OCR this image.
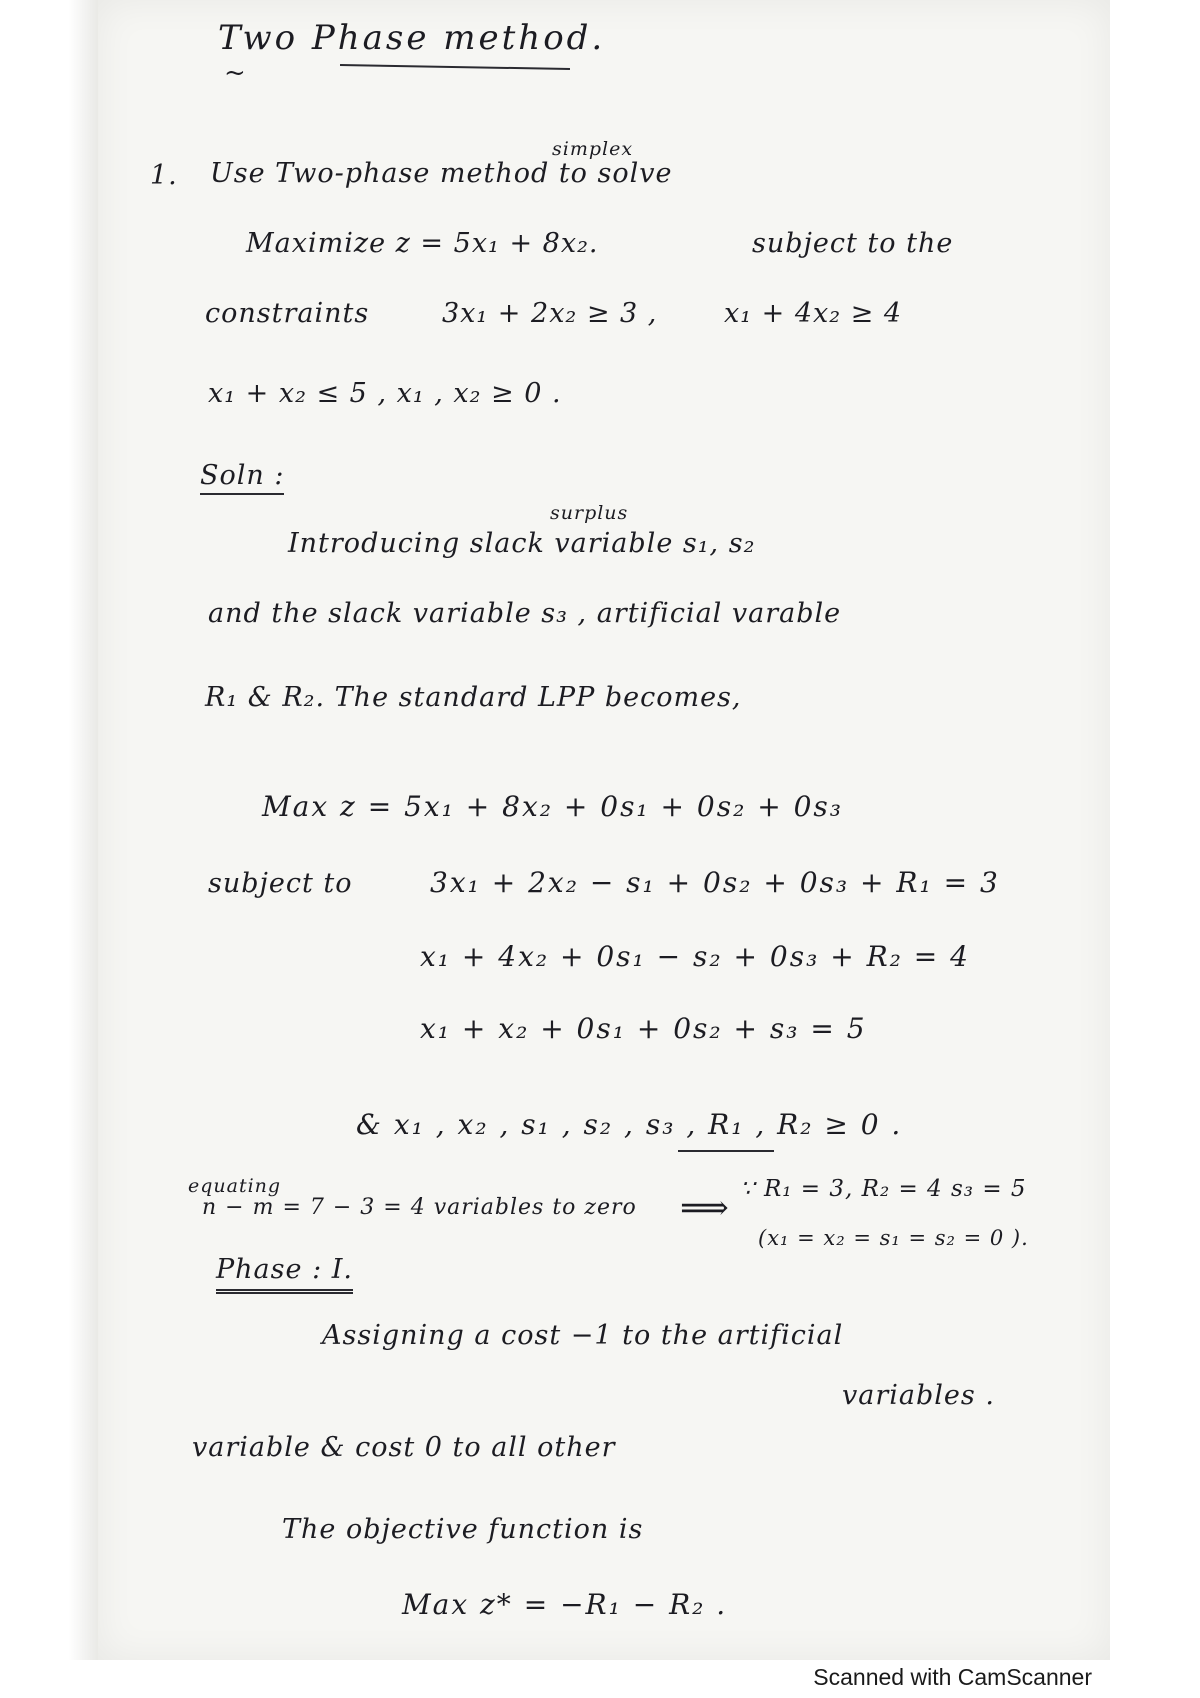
Two Phase method.
~
simplex
1. Use Two-phase method to solve
Maximize z = 5x₁ + 8x₂.	subject to the
constraints	3x₁ + 2x₂ ≥ 3 , x₁ + 4x₂ ≥ 4
x₁ + x₂ ≤ 5 , x₁ , x₂ ≥ 0 .
Soln :
surplus
Introducing slack variable s₁, s₂
and the slack variable s₃ , artificial varable
R₁ & R₂. The standard LPP becomes,
Max z = 5x₁ + 8x₂ + 0s₁ + 0s₂ + 0s₃
subject to	3x₁ + 2x₂ − s₁ + 0s₂ + 0s₃ + R₁ = 3
x₁ + 4x₂ + 0s₁ − s₂ + 0s₃ + R₂ = 4
x₁ + x₂ + 0s₁ + 0s₂ + s₃ = 5
& x₁ , x₂ , s₁ , s₂ , s₃ , R₁ , R₂ ≥ 0 .
equating
n − m = 7 − 3 = 4 variables to zero ⟹ ∵ R₁ = 3, R₂ = 4 s₃ = 5
(x₁ = x₂ = s₁ = s₂ = 0 ).
Phase : I.
Assigning a cost −1 to the artificial
variables .
variable & cost 0 to all other
The objective function is
Max z* = −R₁ − R₂ .
Scanned with CamScanner
